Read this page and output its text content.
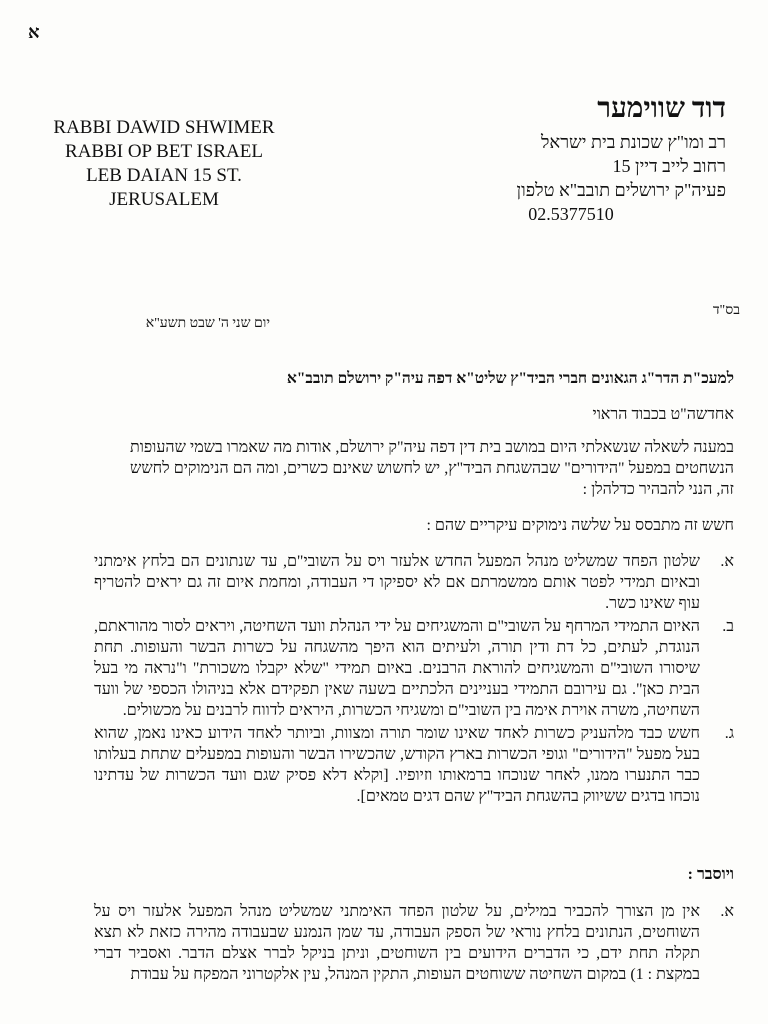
א
RABBI DAWID SHWIMER
RABBI OP BET ISRAEL
LEB DAIAN 15 ST.
JERUSALEM
דוד שווימער
רב ומו"ץ שכונת בית ישראל
רחוב לייב דיין 15
פעיה"ק ירושלים תובב"א טלפון
02.5377510
בס"ד
יום שני ה' שבט תשע"א
למעכ"ת הדר"ג הגאונים חברי הביד"ץ שליט"א דפה עיה"ק ירושלם תובב"א
אחדשה"ט בכבוד הראוי
במענה לשאלה שנשאלתי היום במושב בית דין דפה עיה"ק ירושלם, אודות מה שאמרו בשמי שהעופות הנשחטים במפעל "הידורים" שבהשגחת הביד"ץ, יש לחשוש שאינם כשרים, ומה הם הנימוקים לחשש זה, הנני להבהיר כדלהלן :
חשש זה מתבסס על שלשה נימוקים עיקריים שהם :
א.
שלטון הפחד שמשליט מנהל המפעל החדש אלעזר ויס על השובי"ם, עד שנתונים הם בלחץ אימתני ובאיום תמידי לפטר אותם ממשמרתם אם לא יספיקו די העבודה, ומחמת איום זה גם יראים להטריף עוף שאינו כשר.
ב.
האיום התמידי המרחף על השובי"ם והמשגיחים על ידי הנהלת וועד השחיטה, ויראים לסור מהוראתם, הנוגדת, לעתים, כל דת ודין תורה, ולעיתים הוא היפך מהשגחה על כשרות הבשר והעופות. תחת שיסורו השובי"ם והמשגיחים להוראת הרבנים. באיום תמידי "שלא יקבלו משכורת" ו"נראה מי בעל הבית כאן". גם עירובם התמידי בעניינים הלכתיים בשעה שאין תפקידם אלא בניהולו הכספי של וועד השחיטה, משרה אוירת אימה בין השובי"ם ומשגיחי הכשרות, היראים לדווח לרבנים על מכשולים.
ג.
חשש כבד מלהעניק כשרות לאחד שאינו שומר תורה ומצוות, וביותר לאחד הידוע כאינו נאמן, שהוא בעל מפעל "הידורים" וגופי הכשרות בארץ הקודש, שהכשירו הבשר והעופות במפעלים שתחת בעלותו כבר התנערו ממנו, לאחר שנוכחו ברמאותו וזיופיו. [וקלא דלא פסיק שגם וועד הכשרות של עדתינו נוכחו בדגים ששיווק בהשגחת הביד"ץ שהם דגים טמאים].
ויוסבר :
א.
אין מן הצורך להכביר במילים, על שלטון הפחד האימתני שמשליט מנהל המפעל אלעזר ויס על השוחטים, הנתונים בלחץ נוראי של הספק העבודה, עד שמן הנמנע שבעבודה מהירה כזאת לא תצא תקלה תחת ידם, כי הדברים הידועים בין השוחטים, וניתן בניקל לברר אצלם הדבר. ואסביר דברי במקצת : 1) במקום השחיטה ששוחטים העופות, התקין המנהל, עין אלקטרוני המפקח על עבודת
